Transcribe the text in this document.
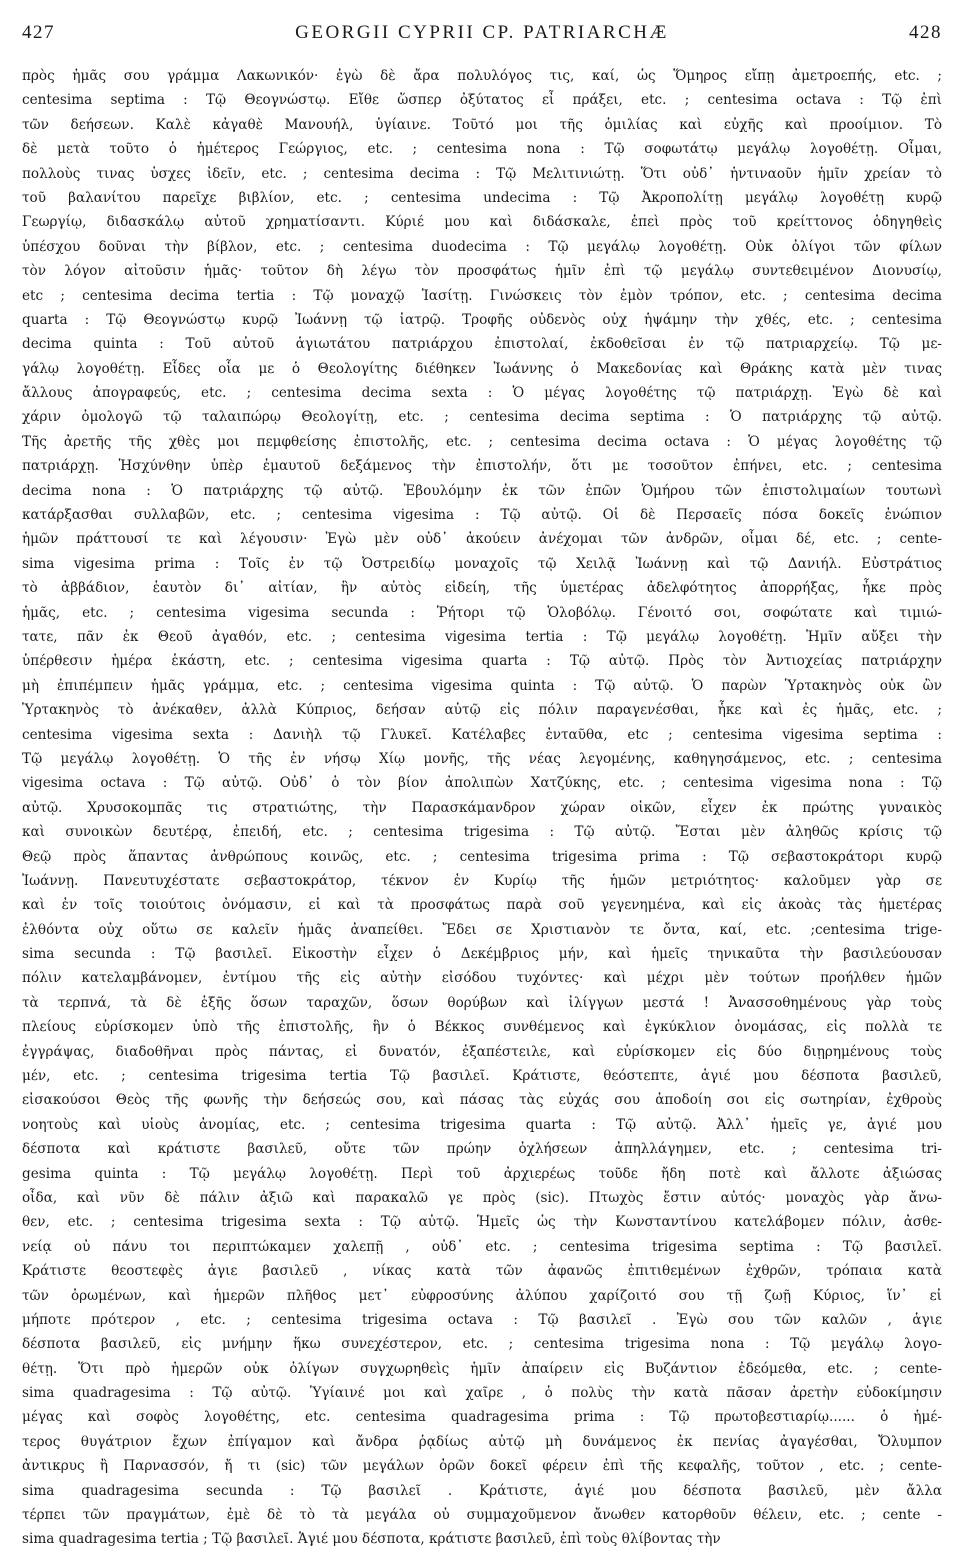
427	GEORGII CYPRII CP. PATRIARCHÆ	428
πρὸς ἡμᾶς σου γράμμα Λακωνικόν· ἐγὼ δὲ ἄρα πολυλόγος τις, καί, ὡς Ὅμηρος εἴπῃ ἀμετροεπής, etc. ;
centesima septima : Τῷ Θεογνώστῳ. Εἴθε ὥσπερ ὀξύτατος εἶ πράξει, etc. ; centesima octava : Τῷ ἐπὶ
τῶν δεήσεων. Καλὲ κἀγαθὲ Μανουήλ, ὑγίαινε. Τοῦτό μοι τῆς ὁμιλίας καὶ εὐχῆς καὶ προοίμιον. Τὸ
δὲ μετὰ τοῦτο ὁ ἡμέτερος Γεώργιος, etc. ; centesima nona : Τῷ σοφωτάτῳ μεγάλῳ λογοθέτῃ. Οἶμαι,
πολλοὺς τινας ὑσχες ἰδεῖν, etc. ; centesima decima : Τῷ Μελιτινιώτῃ. Ὅτι οὐδ᾽ ἡντιναοῦν ἡμῖν χρείαν τὸ
τοῦ βαλανίτου παρεῖχε βιβλίον, etc. ; centesima undecima : Τῷ Ἀκροπολίτῃ μεγάλῳ λογοθέτῃ κυρῷ
Γεωργίῳ, διδασκάλῳ αὐτοῦ χρηματίσαντι. Κύριέ μου καὶ διδάσκαλε, ἐπεὶ πρὸς τοῦ κρείττονος ὁδηγηθεὶς
ὑπέσχου δοῦναι τὴν βίβλον, etc. ; centesima duodecima : Τῷ μεγάλῳ λογοθέτῃ. Οὐκ ὀλίγοι τῶν φίλων
τὸν λόγον αἰτοῦσιν ἡμᾶς· τοῦτον δὴ λέγω τὸν προσφάτως ἡμῖν ἐπὶ τῷ μεγάλῳ συντεθειμένον Διονυσίῳ,
etc ; centesima decima tertia : Τῷ μοναχῷ Ἰασίτῃ. Γινώσκεις τὸν ἐμὸν τρόπον, etc. ; centesima decima
quarta : Τῷ Θεογνώστῳ κυρῷ Ἰωάννῃ τῷ ἰατρῷ. Τροφῆς οὐδενὸς οὐχ ἡψάμην τὴν χθές, etc. ; centesima
decima quinta : Τοῦ αὐτοῦ ἁγιωτάτου πατριάρχου ἐπιστολαί, ἐκδοθεῖσαι ἐν τῷ πατριαρχείῳ. Τῷ με-
γάλῳ λογοθέτῃ. Εἶδες οἷα με ὁ Θεολογίτης διέθηκεν Ἰωάννης ὁ Μακεδονίας καὶ Θράκης κατὰ μὲν τινας
ἄλλους ἀπογραφεύς, etc. ; centesima decima sexta : Ὁ μέγας λογοθέτης τῷ πατριάρχῃ. Ἐγὼ δὲ καὶ
χάριν ὁμολογῶ τῷ ταλαιπώρῳ Θεολογίτῃ, etc. ; centesima decima septima : Ὁ πατριάρχης τῷ αὐτῷ.
Τῆς ἀρετῆς τῆς χθὲς μοι πεμφθείσης ἐπιστολῆς, etc. ; centesima decima octava : Ὁ μέγας λογοθέτης τῷ
πατριάρχῃ. Ἡσχύνθην ὑπὲρ ἐμαυτοῦ δεξάμενος τὴν ἐπιστολήν, ὅτι με τοσοῦτον ἐπήνει, etc. ; centesima
decima nona : Ὁ πατριάρχης τῷ αὐτῷ. Ἐβουλόμην ἐκ τῶν ἐπῶν Ὁμήρου τῶν ἐπιστολιμαίων τουτωνὶ
κατάρξασθαι συλλαβῶν, etc. ; centesima vigesima : Τῷ αὐτῷ. Οἱ δὲ Περσαεῖς πόσα δοκεῖς ἐνώπιον
ἡμῶν πράττουσί τε καὶ λέγουσιν· Ἐγὼ μὲν οὐδ᾽ ἀκούειν ἀνέχομαι τῶν ἀνδρῶν, οἶμαι δέ, etc. ; cente-
sima vigesima prima : Τοῖς ἐν τῷ Ὀστρειδίῳ μοναχοῖς τῷ Χειλᾷ Ἰωάννῃ καὶ τῷ Δανιήλ. Εὐστράτιος
τὸ ἀββάδιον, ἑαυτὸν δι᾽ αἰτίαν, ἣν αὐτὸς εἰδείη, τῆς ὑμετέρας ἀδελφότητος ἀπορρήξας, ἧκε πρὸς
ἡμᾶς, etc. ; centesima vigesima secunda : Ῥήτορι τῷ Ὁλοβόλῳ. Γένοιτό σοι, σοφώτατε καὶ τιμιώ-
τατε, πᾶν ἐκ Θεοῦ ἀγαθόν, etc. ; centesima vigesima tertia : Τῷ μεγάλῳ λογοθέτῃ. Ἡμῖν αὔξει τὴν
ὑπέρθεσιν ἡμέρα ἑκάστη, etc. ; centesima vigesima quarta : Τῷ αὐτῷ. Πρὸς τὸν Ἀντιοχείας πατριάρχην
μὴ ἐπιπέμπειν ἡμᾶς γράμμα, etc. ; centesima vigesima quinta : Τῷ αὐτῷ. Ὁ παρὼν Ὑρτακηνὸς οὐκ ὢν
Ὑρτακηνὸς τὸ ἀνέκαθεν, ἀλλὰ Κύπριος, δεήσαν αὐτῷ εἰς πόλιν παραγενέσθαι, ἧκε καὶ ἐς ἡμᾶς, etc. ;
centesima vigesima sexta : Δανιὴλ τῷ Γλυκεῖ. Κατέλαβες ἐνταῦθα, etc ; centesima vigesima septima :
Τῷ μεγάλῳ λογοθέτῃ. Ὁ τῆς ἐν νήσῳ Χίῳ μονῆς, τῆς νέας λεγομένης, καθηγησάμενος, etc. ; centesima
vigesima octava : Τῷ αὐτῷ. Οὐδ᾽ ὁ τὸν βίον ἀπολιπὼν Χατζύκης, etc. ; centesima vigesima nona : Τῷ
αὐτῷ. Χρυσοκομπᾶς τις στρατιώτης, τὴν Παρασκάμανδρον χώραν οἰκῶν, εἶχεν ἐκ πρώτης γυναικὸς
καὶ συνοικὼν δευτέρᾳ, ἐπειδή, etc. ; centesima trigesima : Τῷ αὐτῷ. Ἔσται μὲν ἀληθῶς κρίσις τῷ
Θεῷ πρὸς ἅπαντας ἀνθρώπους κοινῶς, etc. ; centesima trigesima prima : Τῷ σεβαστοκράτορι κυρῷ
Ἰωάννῃ. Πανευτυχέστατε σεβαστοκράτορ, τέκνον ἐν Κυρίῳ τῆς ἡμῶν μετριότητος· καλοῦμεν γὰρ σε
καὶ ἐν τοῖς τοιούτοις ὀνόμασιν, εἰ καὶ τὰ προσφάτως παρὰ σοῦ γεγενημένα, καὶ εἰς ἀκοὰς τὰς ἡμετέρας
ἐλθόντα οὐχ οὕτω σε καλεῖν ἡμᾶς ἀναπείθει. Ἔδει σε Χριστιανὸν τε ὄντα, καί, etc. ;centesima trige-
sima secunda : Τῷ βασιλεῖ. Εἰκοστὴν εἶχεν ὁ Δεκέμβριος μήν, καὶ ἡμεῖς τηνικαῦτα τὴν βασιλεύουσαν
πόλιν κατελαμβάνομεν, ἐντίμου τῆς εἰς αὐτὴν εἰσόδου τυχόντες· καὶ μέχρι μὲν τούτων προήλθεν ἡμῶν
τὰ τερπνά, τὰ δὲ ἑξῆς ὅσων ταραχῶν, ὅσων θορύβων καὶ ἰλίγγων μεστά ! Ἀνασσοθημένους γὰρ τοὺς
πλείους εὑρίσκομεν ὑπὸ τῆς ἐπιστολῆς, ἣν ὁ Βέκκος συνθέμενος καὶ ἐγκύκλιον ὀνομάσας, εἰς πολλὰ τε
ἐγγράψας, διαδοθῆναι πρὸς πάντας, εἰ δυνατόν, ἐξαπέστειλε, καὶ εὑρίσκομεν εἰς δύο διῃρημένους τοὺς
μέν, etc. ; centesima trigesima tertia Τῷ βασιλεῖ. Κράτιστε, θεόστεπτε, ἁγιέ μου δέσποτα βασιλεῦ,
εἰσακούσοι Θεὸς τῆς φωνῆς τὴν δεήσεώς σου, καὶ πάσας τὰς εὐχάς σου ἀποδοίη σοι εἰς σωτηρίαν, ἐχθροὺς
νοητοὺς καὶ υἱοὺς ἀνομίας, etc. ; centesima trigesima quarta : Τῷ αὐτῷ. Ἀλλ᾽ ἡμεῖς γε, ἁγιέ μου
δέσποτα καὶ κράτιστε βασιλεῦ, οὔτε τῶν πρώην ὀχλήσεων ἀπηλλάγημεν, etc. ; centesima tri-
gesima quinta : Τῷ μεγάλῳ λογοθέτῃ. Περὶ τοῦ ἀρχιερέως τοῦδε ἤδη ποτὲ καὶ ἄλλοτε ἀξιώσας
οἶδα, καὶ νῦν δὲ πάλιν ἀξιῶ καὶ παρακαλῶ γε πρὸς (sic). Πτωχὸς ἔστιν αὐτός· μοναχὸς γὰρ ἄνω-
θεν, etc. ; centesima trigesima sexta : Τῷ αὐτῷ. Ἡμεῖς ὡς τὴν Κωνσταντίνου κατελάβομεν πόλιν, ἀσθε-
νείᾳ οὐ πάνυ τοι περιπτώκαμεν χαλεπῇ , οὐδ᾽ etc. ; centesima trigesima septima : Τῷ βασιλεῖ.
Κράτιστε θεοστεφὲς ἁγιε βασιλεῦ , νίκας κατὰ τῶν ἀφανῶς ἐπιτιθεμένων ἐχθρῶν, τρόπαια κατὰ
τῶν ὁρωμένων, καὶ ἡμερῶν πλῆθος μετ᾽ εὐφροσύνης ἀλύπου χαρίζοιτό σου τῇ ζωῇ Κύριος, ἵν᾽ εἰ
μήποτε πρότερον , etc. ; centesima trigesima octava : Τῷ βασιλεῖ . Ἐγὼ σου τῶν καλῶν , ἁγιε
δέσποτα βασιλεῦ, εἰς μνήμην ἥκω συνεχέστερον, etc. ; centesima trigesima nona : Τῷ μεγάλῳ λογο-
θέτῃ. Ὅτι πρὸ ἡμερῶν οὐκ ὀλίγων συγχωρηθεὶς ἡμῖν ἀπαίρειν εἰς Βυζάντιον ἐδεόμεθα, etc. ; cente-
sima quadragesima : Τῷ αὐτῷ. Ὑγίαινέ μοι καὶ χαῖρε , ὁ πολὺς τὴν κατὰ πᾶσαν ἀρετὴν εὐδοκίμησιν
μέγας καὶ σοφὸς λογοθέτης, etc. centesima quadragesima prima : Τῷ πρωτοβεστιαρίῳ...... ὁ ἡμέ-
τερος θυγάτριον ἔχων ἐπίγαμον καὶ ἄνδρα ῥᾳδίως αὐτῷ μὴ δυνάμενος ἐκ πενίας ἀγαγέσθαι, Ὄλυμπον
ἀντικρυς ἢ Παρνασσόν, ἤ τι (sic) τῶν μεγάλων ὀρῶν δοκεῖ φέρειν ἐπὶ τῆς κεφαλῆς, τοῦτον , etc. ; cente-
sima quadragesima secunda : Τῷ βασιλεῖ . Κράτιστε, ἁγιέ μου δέσποτα βασιλεῦ, μὲν ἄλλα
τέρπει τῶν πραγμάτων, ἐμὲ δὲ τὸ τὰ μεγάλα οὐ συμμαχοῦμενον ἄνωθεν κατορθοῦν θέλειν, etc. ; cente -
sima quadragesima tertia ; Τῷ βασιλεῖ. Ἁγιέ μου δέσποτα, κράτιστε βασιλεῦ, ἐπὶ τοὺς θλίβοντας τὴν
